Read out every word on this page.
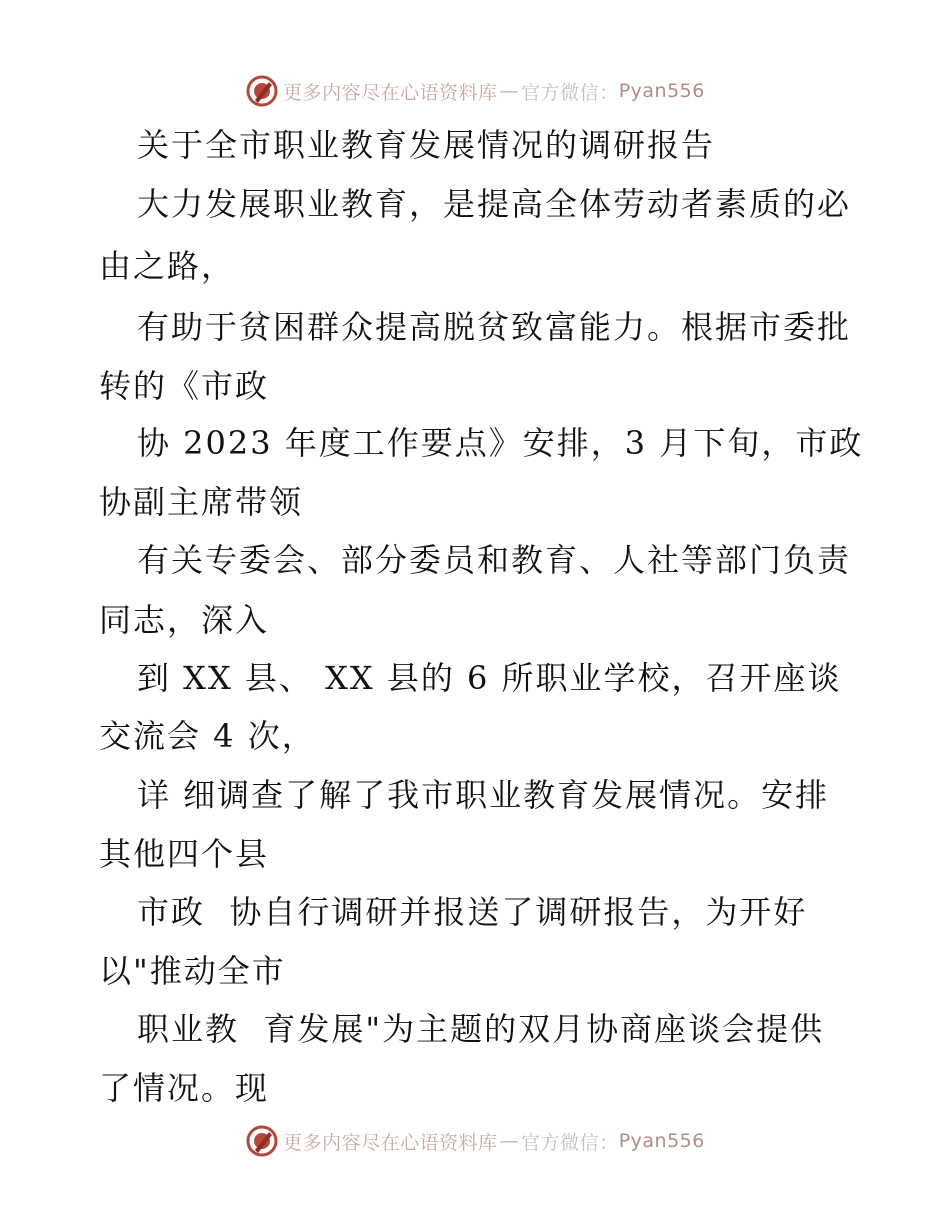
更多内容尽在心语资料库 — 官方微信： Pyan556
关于全市职业教育发展情况的调研报告
大力发展职业教育，是提高全体劳动者素质的必
由之路，
有助于贫困群众提高脱贫致富能力。根据市委批
转的《市政
协 2023 年度工作要点》安排，3 月下旬，市政
协副主席带领
有关专委会、部分委员和教育、人社等部门负责
同志，深入
到 XX 县、 XX 县的 6 所职业学校，召开座谈
交流会 4 次，
详 细调查了解了我市职业教育发展情况。安排
其他四个县
市政  协自行调研并报送了调研报告，为开好
以"推动全市
职业教  育发展"为主题的双月协商座谈会提供
了情况。现
更多内容尽在心语资料库 — 官方微信： Pyan556
